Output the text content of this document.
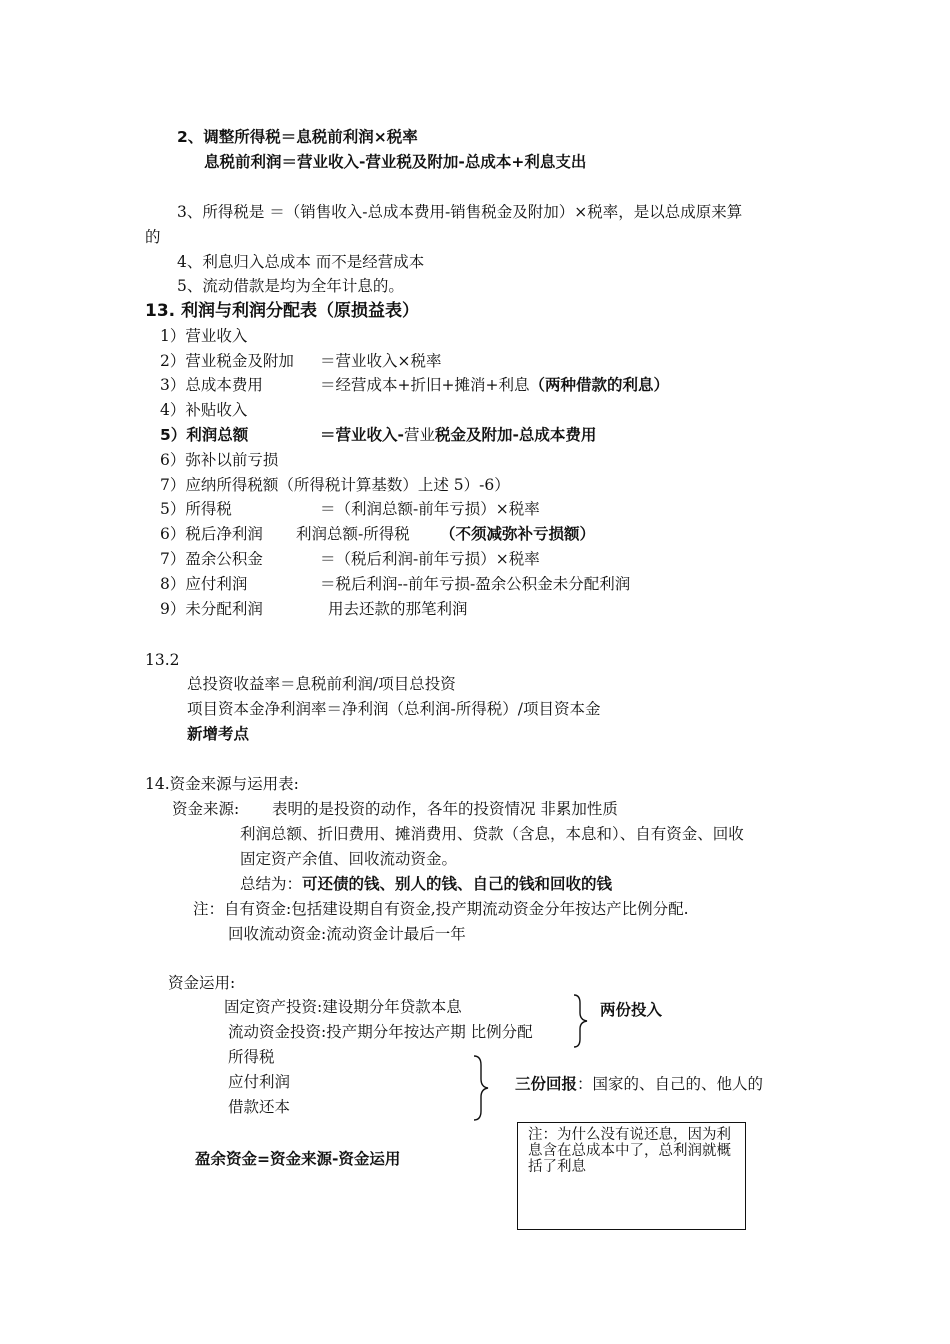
2、调整所得税＝息税前利润×税率
息税前利润＝营业收入-营业税及附加-总成本+利息支出
3、所得税是 ＝（销售收入-总成本费用-销售税金及附加）×税率，是以总成原来算
的
4、利息归入总成本 而不是经营成本
5、流动借款是均为全年计息的。
13. 利润与利润分配表（原损益表）
1）营业收入
2）营业税金及附加 ＝营业收入×税率
3）总成本费用	＝经营成本+折旧+摊消+利息（两种借款的利息）
4）补贴收入
5）利润总额	＝营业收入-营业税金及附加-总成本费用
6）弥补以前亏损
7）应纳所得税额（所得税计算基数）上述 5）-6）
5）所得税	＝（利润总额-前年亏损）×税率
6）税后净利润 利润总额-所得税 （不须减弥补亏损额）
7）盈余公积金	＝（税后利润-前年亏损）×税率
8）应付利润	＝税后利润--前年亏损-盈余公积金未分配利润
9）未分配利润	用去还款的那笔利润
13.2
总投资收益率＝息税前利润/项目总投资
项目资本金净利润率＝净利润（总利润-所得税）/项目资本金
新增考点
14.资金来源与运用表:
资金来源: 表明的是投资的动作，各年的投资情况 非累加性质
利润总额、折旧费用、摊消费用、贷款（含息，本息和）、自有资金、回收
固定资产余值、回收流动资金。
总结为：可还债的钱、别人的钱、自己的钱和回收的钱
注：自有资金:包括建设期自有资金,投产期流动资金分年按达产比例分配.
回收流动资金:流动资金计最后一年
资金运用:
固定资产投资:建设期分年贷款本息
流动资金投资:投产期分年按达产期 比例分配
两份投入
所得税
应付利润
借款还本
三份回报：国家的、自己的、他人的
盈余资金=资金来源-资金运用
注：为什么没有说还息，因为利息含在总成本中了，总利润就概括了利息
